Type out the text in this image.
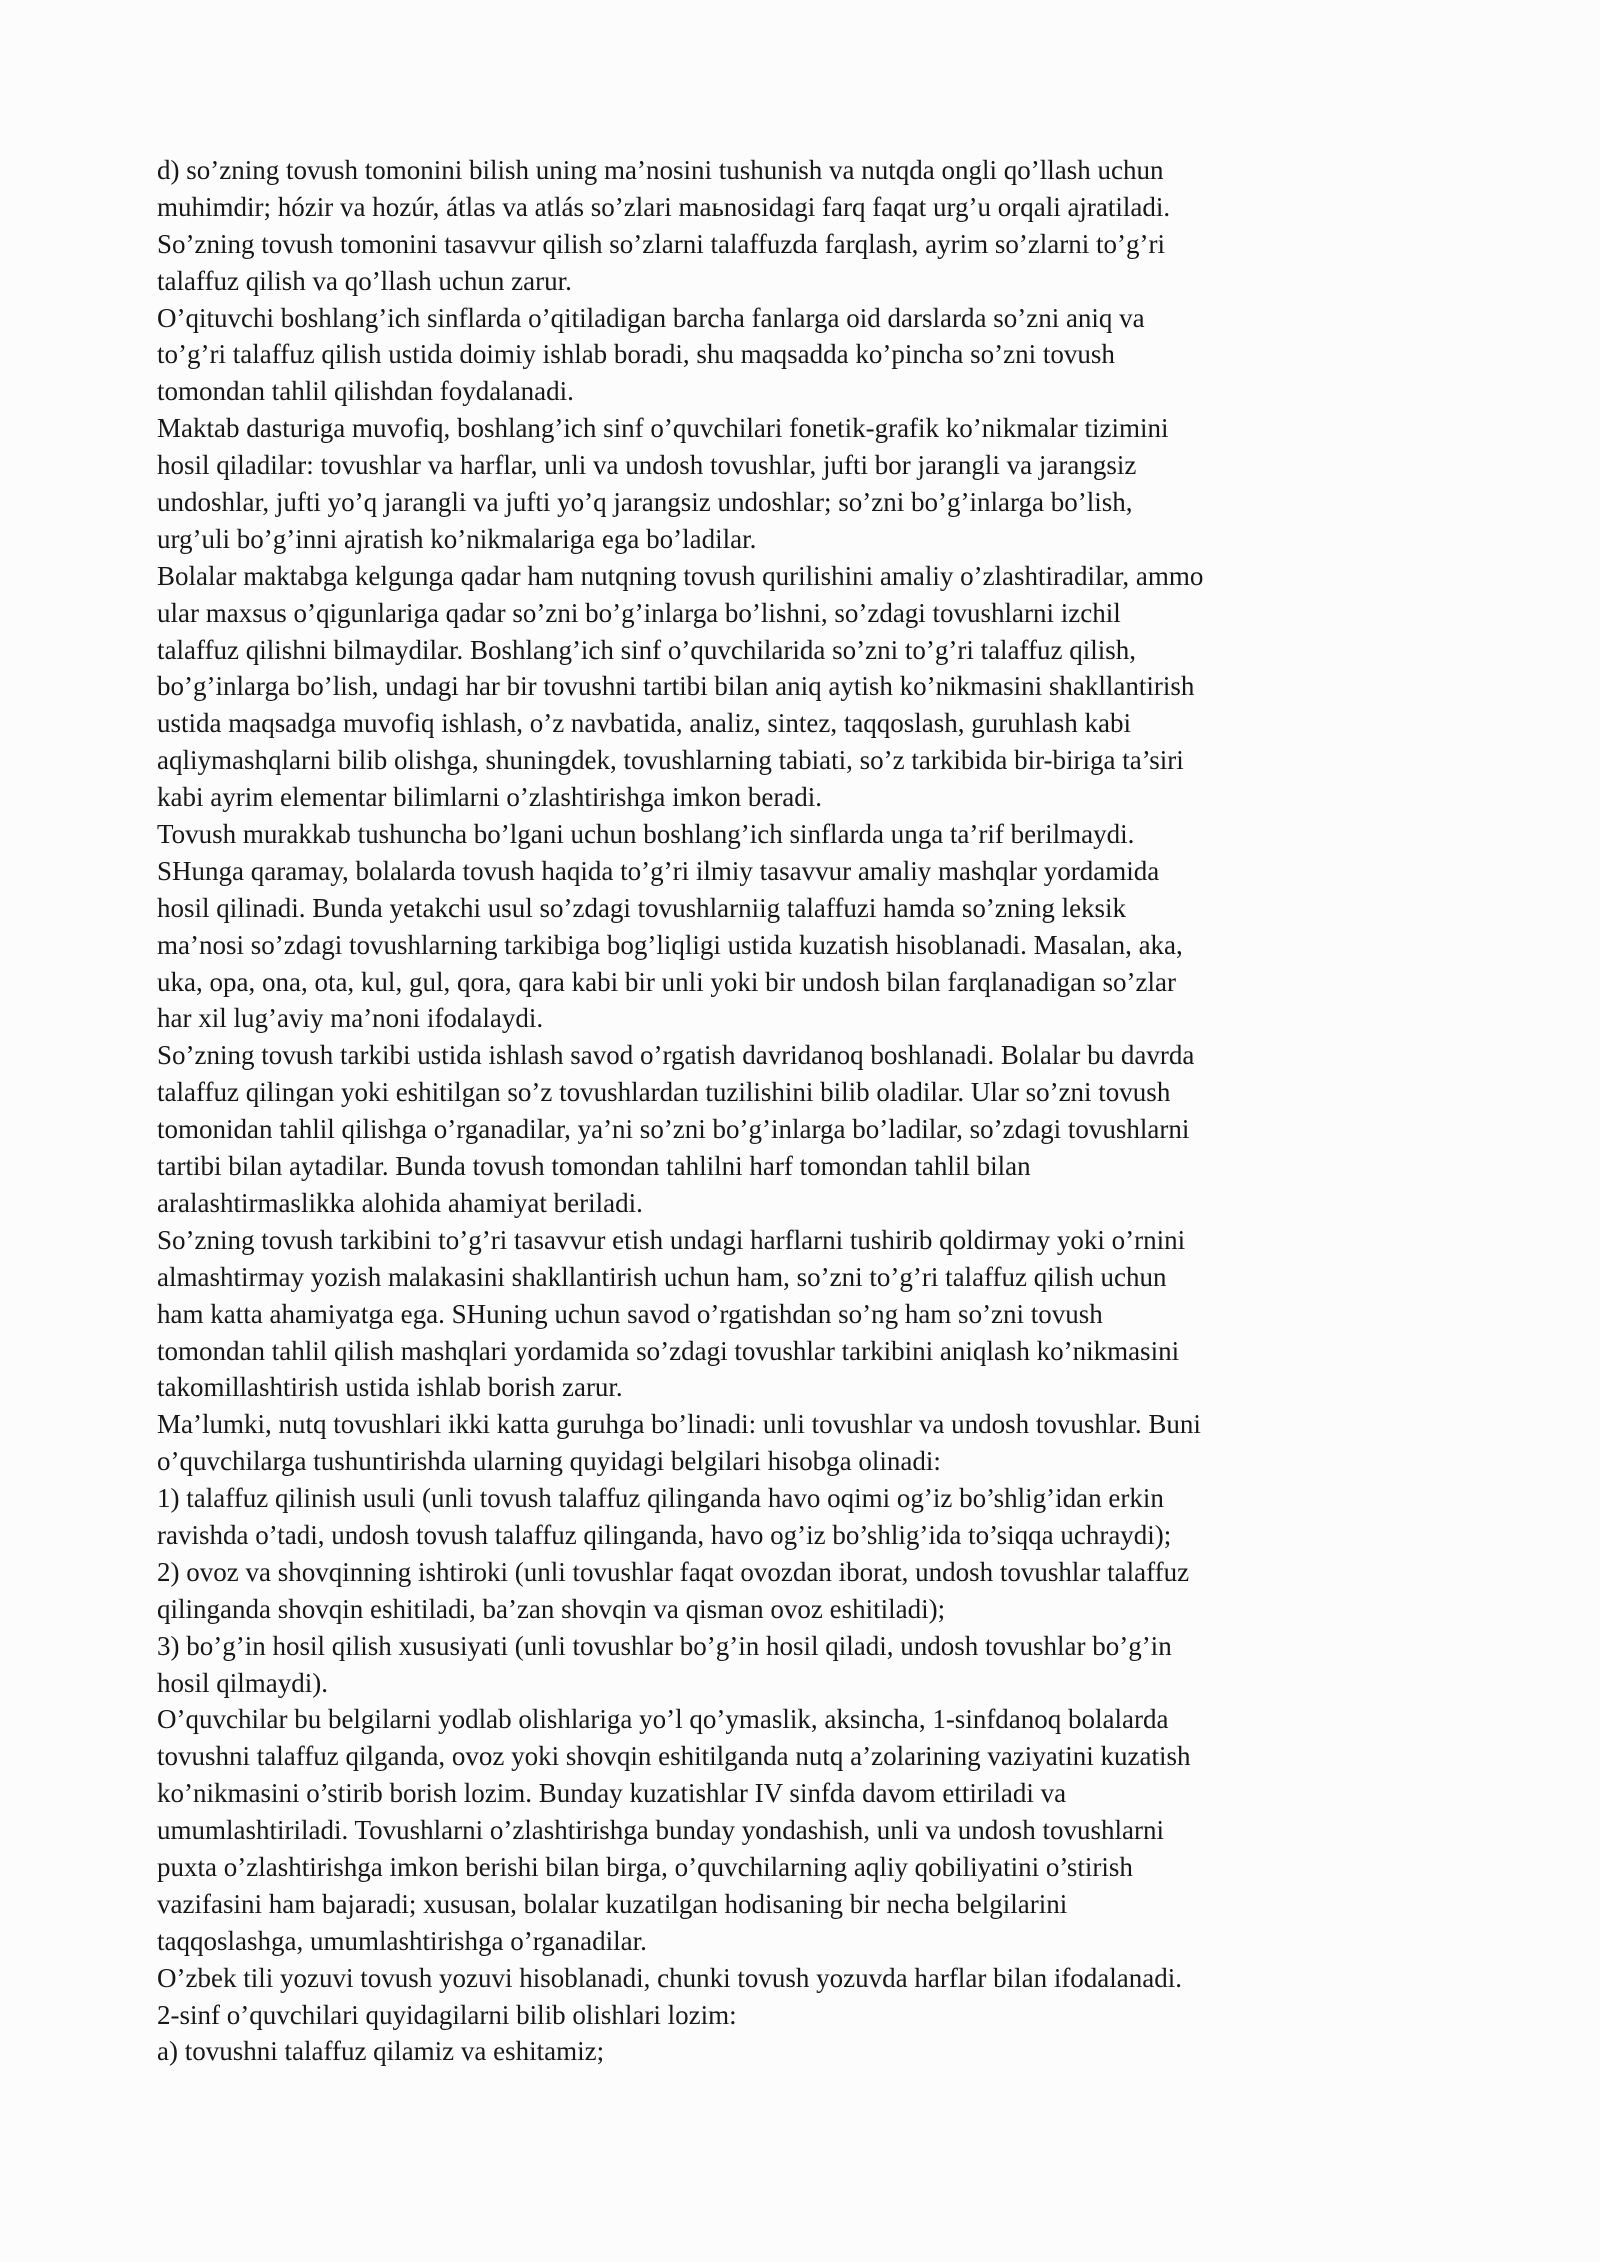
d) so’zning tovush tomonini bilish uning ma’nosini tushunish va nutqda ongli qo’llash uchun
muhimdir; hózir va hozúr, átlas va atlás so’zlari maьnosidagi farq faqat urg’u orqali ajratiladi.
So’zning tovush tomonini tasavvur qilish so’zlarni talaffuzda farqlash, ayrim so’zlarni to’g’ri
talaffuz qilish va qo’llash uchun zarur.
O’qituvchi boshlang’ich sinflarda o’qitiladigan barcha fanlarga oid darslarda so’zni aniq va
to’g’ri talaffuz qilish ustida doimiy ishlab boradi, shu maqsadda ko’pincha so’zni tovush
tomondan tahlil qilishdan foydalanadi.
Maktab dasturiga muvofiq, boshlang’ich sinf o’quvchilari fonetik-grafik ko’nikmalar tizimini
hosil qiladilar: tovushlar va harflar, unli va undosh tovushlar, jufti bor jarangli va jarangsiz
undoshlar, jufti yo’q jarangli va jufti yo’q jarangsiz undoshlar; so’zni bo’g’inlarga bo’lish,
urg’uli bo’g’inni ajratish ko’nikmalariga ega bo’ladilar.
Bolalar maktabga kelgunga qadar ham nutqning tovush qurilishini amaliy o’zlashtiradilar, ammo
ular maxsus o’qigunlariga qadar so’zni bo’g’inlarga bo’lishni, so’zdagi tovushlarni izchil
talaffuz qilishni bilmaydilar. Boshlang’ich sinf o’quvchilarida so’zni to’g’ri talaffuz qilish,
bo’g’inlarga bo’lish, undagi har bir tovushni tartibi bilan aniq aytish ko’nikmasini shakllantirish
ustida maqsadga muvofiq ishlash, o’z navbatida, analiz, sintez, taqqoslash, guruhlash kabi
aqliymashqlarni bilib olishga, shuningdek, tovushlarning tabiati, so’z tarkibida bir-biriga ta’siri
kabi ayrim elementar bilimlarni o’zlashtirishga imkon beradi.
Tovush murakkab tushuncha bo’lgani uchun boshlang’ich sinflarda unga ta’rif berilmaydi.
SHunga qaramay, bolalarda tovush haqida to’g’ri ilmiy tasavvur amaliy mashqlar yordamida
hosil qilinadi. Bunda yetakchi usul so’zdagi tovushlarniig talaffuzi hamda so’zning leksik
ma’nosi so’zdagi tovushlarning tarkibiga bog’liqligi ustida kuzatish hisoblanadi. Masalan, aka,
uka, opa, ona, ota, kul, gul, qora, qara kabi bir unli yoki bir undosh bilan farqlanadigan so’zlar
har xil lug’aviy ma’noni ifodalaydi.
So’zning tovush tarkibi ustida ishlash savod o’rgatish davridanoq boshlanadi. Bolalar bu davrda
talaffuz qilingan yoki eshitilgan so’z tovushlardan tuzilishini bilib oladilar. Ular so’zni tovush
tomonidan tahlil qilishga o’rganadilar, ya’ni so’zni bo’g’inlarga bo’ladilar, so’zdagi tovushlarni
tartibi bilan aytadilar. Bunda tovush tomondan tahlilni harf tomondan tahlil bilan
aralashtirmaslikka alohida ahamiyat beriladi.
So’zning tovush tarkibini to’g’ri tasavvur etish undagi harflarni tushirib qoldirmay yoki o’rnini
almashtirmay yozish malakasini shakllantirish uchun ham, so’zni to’g’ri talaffuz qilish uchun
ham katta ahamiyatga ega. SHuning uchun savod o’rgatishdan so’ng ham so’zni tovush
tomondan tahlil qilish mashqlari yordamida so’zdagi tovushlar tarkibini aniqlash ko’nikmasini
takomillashtirish ustida ishlab borish zarur.
Ma’lumki, nutq tovushlari ikki katta guruhga bo’linadi: unli tovushlar va undosh tovushlar. Buni
o’quvchilarga tushuntirishda ularning quyidagi belgilari hisobga olinadi:
1) talaffuz qilinish usuli (unli tovush talaffuz qilinganda havo oqimi og’iz bo’shlig’idan erkin
ravishda o’tadi, undosh tovush talaffuz qilinganda, havo og’iz bo’shlig’ida to’siqqa uchraydi);
2) ovoz va shovqinning ishtiroki (unli tovushlar faqat ovozdan iborat, undosh tovushlar talaffuz
qilinganda shovqin eshitiladi, ba’zan shovqin va qisman ovoz eshitiladi);
3) bo’g’in hosil qilish xususiyati (unli tovushlar bo’g’in hosil qiladi, undosh tovushlar bo’g’in
hosil qilmaydi).
O’quvchilar bu belgilarni yodlab olishlariga yo’l qo’ymaslik, aksincha, 1-sinfdanoq bolalarda
tovushni talaffuz qilganda, ovoz yoki shovqin eshitilganda nutq a’zolarining vaziyatini kuzatish
ko’nikmasini o’stirib borish lozim. Bunday kuzatishlar IV sinfda davom ettiriladi va
umumlashtiriladi. Tovushlarni o’zlashtirishga bunday yondashish, unli va undosh tovushlarni
puxta o’zlashtirishga imkon berishi bilan birga, o’quvchilarning aqliy qobiliyatini o’stirish
vazifasini ham bajaradi; xususan, bolalar kuzatilgan hodisaning bir necha belgilarini
taqqoslashga, umumlashtirishga o’rganadilar.
O’zbek tili yozuvi tovush yozuvi hisoblanadi, chunki tovush yozuvda harflar bilan ifodalanadi.
2-sinf o’quvchilari quyidagilarni bilib olishlari lozim:
a) tovushni talaffuz qilamiz va eshitamiz;
